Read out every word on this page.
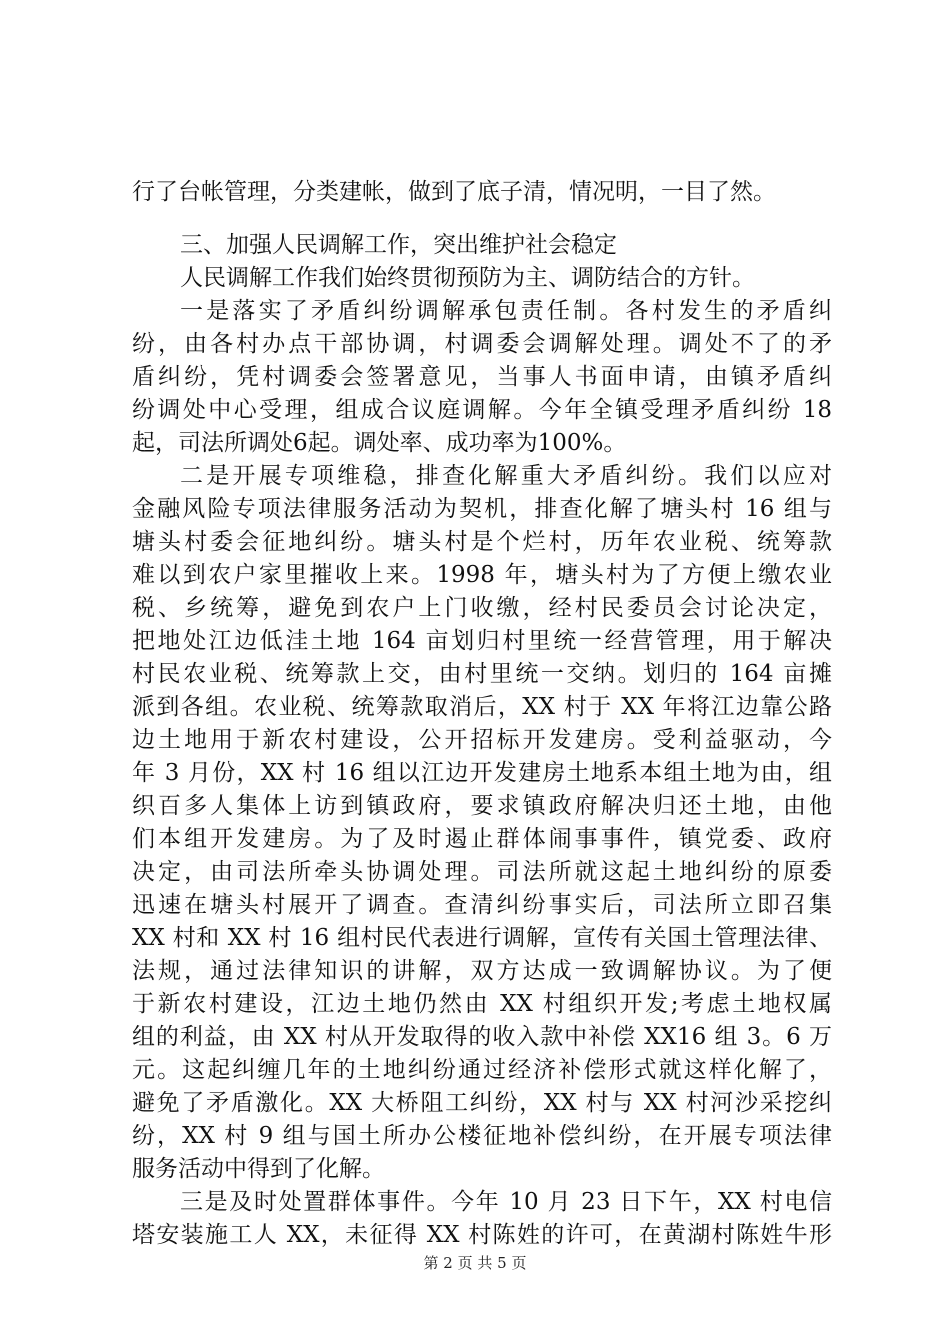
行了台帐管理，分类建帐，做到了底子清，情况明，一目了然。
三、加强人民调解工作，突出维护社会稳定
人民调解工作我们始终贯彻预防为主、调防结合的方针。
一是落实了矛盾纠纷调解承包责任制。各村发生的矛盾纠
纷，由各村办点干部协调，村调委会调解处理。调处不了的矛
盾纠纷，凭村调委会签署意见，当事人书面申请，由镇矛盾纠
纷调处中心受理，组成合议庭调解。今年全镇受理矛盾纠纷 18
起，司法所调处6起。调处率、成功率为100%。
二是开展专项维稳，排查化解重大矛盾纠纷。我们以应对
金融风险专项法律服务活动为契机，排查化解了塘头村 16 组与
塘头村委会征地纠纷。塘头村是个烂村，历年农业税、统筹款
难以到农户家里摧收上来。1998 年，塘头村为了方便上缴农业
税、乡统筹，避免到农户上门收缴，经村民委员会讨论决定，
把地处江边低洼土地 164 亩划归村里统一经营管理，用于解决
村民农业税、统筹款上交，由村里统一交纳。划归的 164 亩摊
派到各组。农业税、统筹款取消后，XX 村于 XX 年将江边靠公路
边土地用于新农村建设，公开招标开发建房。受利益驱动，今
年 3 月份，XX 村 16 组以江边开发建房土地系本组土地为由，组
织百多人集体上访到镇政府，要求镇政府解决归还土地，由他
们本组开发建房。为了及时遏止群体闹事事件，镇党委、政府
决定，由司法所牵头协调处理。司法所就这起土地纠纷的原委
迅速在塘头村展开了调查。查清纠纷事实后，司法所立即召集
XX 村和 XX 村 16 组村民代表进行调解，宣传有关国土管理法律、
法规，通过法律知识的讲解，双方达成一致调解协议。为了便
于新农村建设，江边土地仍然由 XX 村组织开发;考虑土地权属
组的利益，由 XX 村从开发取得的收入款中补偿 XX16 组 3。6 万
元。这起纠缠几年的土地纠纷通过经济补偿形式就这样化解了，
避免了矛盾激化。XX 大桥阻工纠纷，XX 村与 XX 村河沙采挖纠
纷，XX 村 9 组与国土所办公楼征地补偿纠纷，在开展专项法律
服务活动中得到了化解。
三是及时处置群体事件。今年 10 月 23 日下午，XX 村电信
塔安装施工人 XX，未征得 XX 村陈姓的许可，在黄湖村陈姓牛形
第 2 页 共 5 页
